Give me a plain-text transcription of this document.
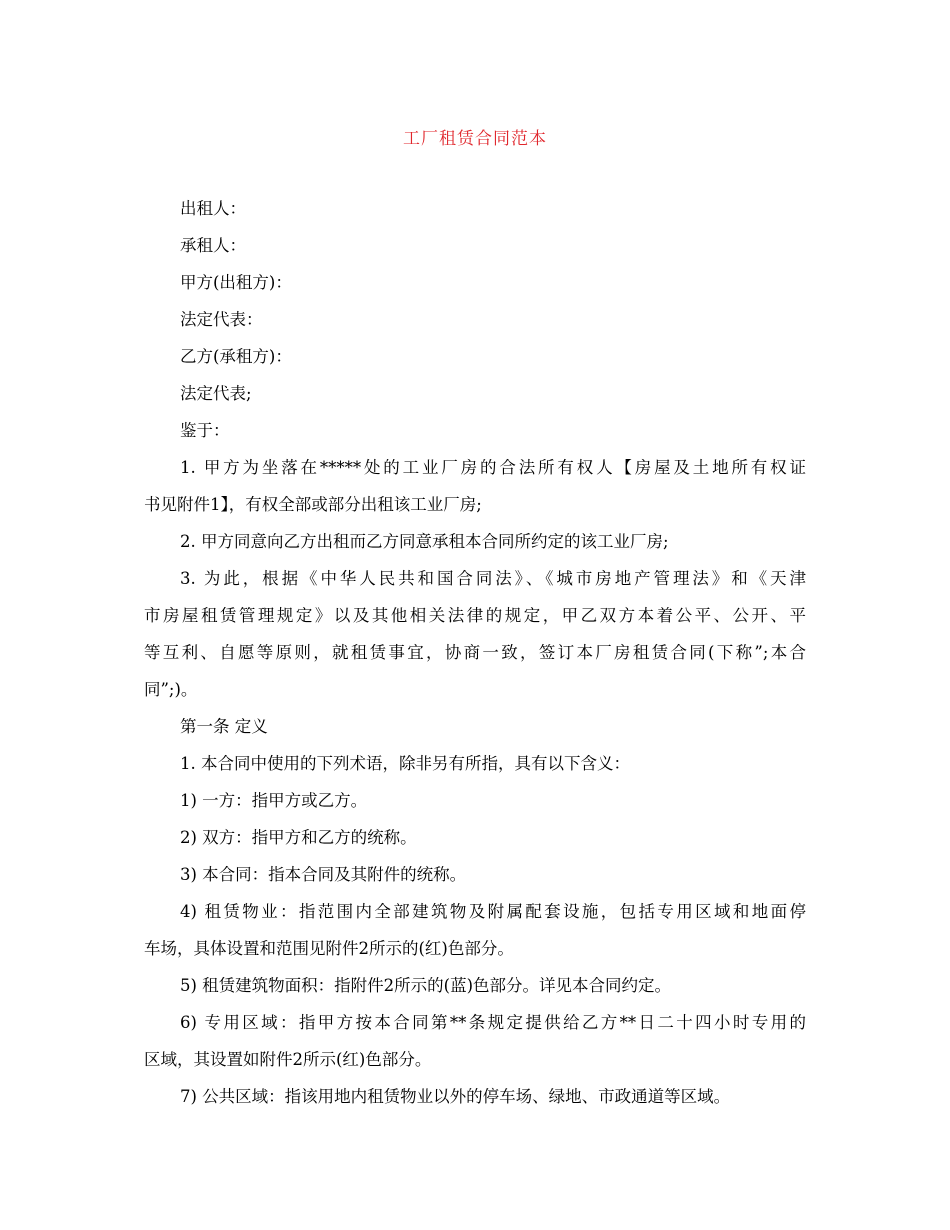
工厂租赁合同范本
出租人：
承租人：
甲方(出租方)：
法定代表：
乙方(承租方)：
法定代表;
鉴于：
1. 甲方为坐落在*****处的工业厂房的合法所有权人【房屋及土地所有权证
书见附件1】，有权全部或部分出租该工业厂房;
2. 甲方同意向乙方出租而乙方同意承租本合同所约定的该工业厂房;
3. 为此，根据《中华人民共和国合同法》、《城市房地产管理法》和《天津
市房屋租赁管理规定》以及其他相关法律的规定，甲乙双方本着公平、公开、平
等互利、自愿等原则，就租赁事宜，协商一致，签订本厂房租赁合同(下称”;本合
同”;)。
第一条 定义
1. 本合同中使用的下列术语，除非另有所指，具有以下含义：
1) 一方：指甲方或乙方。
2) 双方：指甲方和乙方的统称。
3) 本合同：指本合同及其附件的统称。
4) 租赁物业：指范围内全部建筑物及附属配套设施，包括专用区域和地面停
车场，具体设置和范围见附件2所示的(红)色部分。
5) 租赁建筑物面积：指附件2所示的(蓝)色部分。详见本合同约定。
6) 专用区域：指甲方按本合同第**条规定提供给乙方**日二十四小时专用的
区域，其设置如附件2所示(红)色部分。
7) 公共区域：指该用地内租赁物业以外的停车场、绿地、市政通道等区域。
